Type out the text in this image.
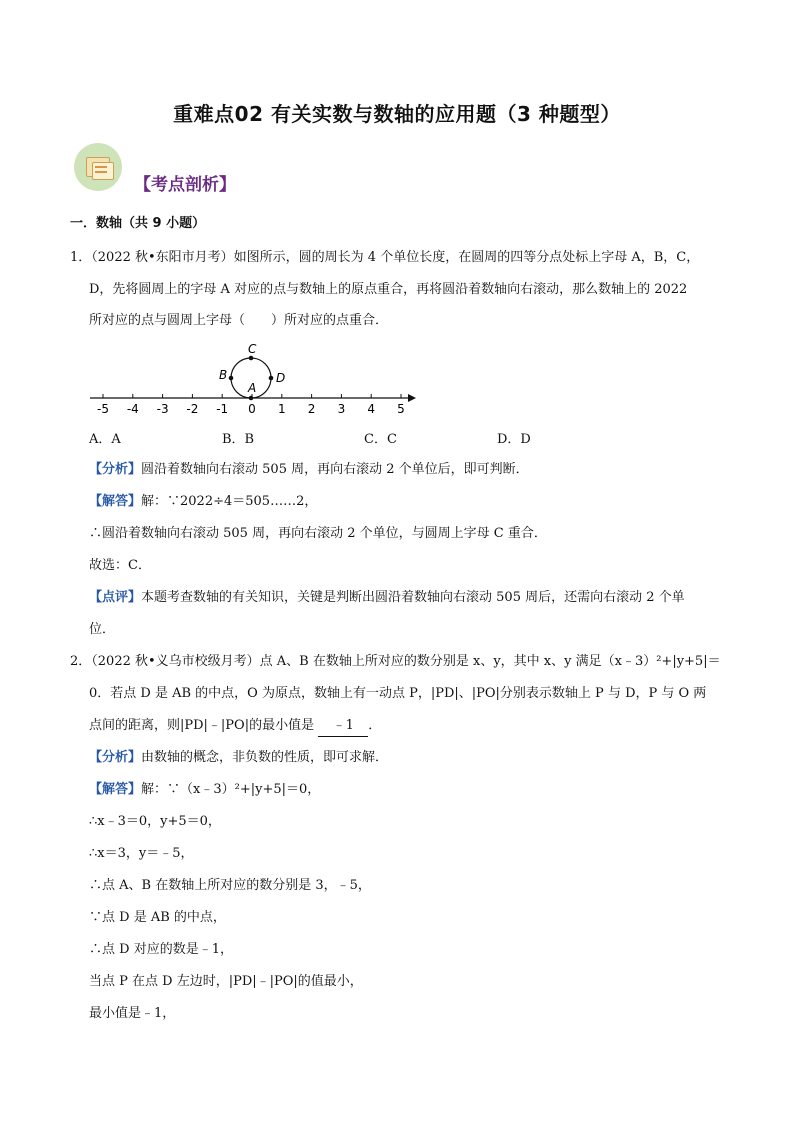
重难点02 有关实数与数轴的应用题（3 种题型）
【考点剖析】
一．数轴（共 9 小题）
1．（2022 秋•东阳市月考）如图所示，圆的周长为 4 个单位长度，在圆周的四等分点处标上字母 A，B，C，
D，先将圆周上的字母 A 对应的点与数轴上的原点重合，再将圆沿着数轴向右滚动，那么数轴上的 2022
所对应的点与圆周上字母（　　）所对应的点重合．
-5 -4 -3 -2 -1 0 1 2 3 4 5
C
B	D
A
A．A	B．B	C．C	D．D
【分析】圆沿着数轴向右滚动 505 周，再向右滚动 2 个单位后，即可判断．
【解答】解：∵2022÷4＝505……2，
∴圆沿着数轴向右滚动 505 周，再向右滚动 2 个单位，与圆周上字母 C 重合．
故选：C．
【点评】本题考查数轴的有关知识，关键是判断出圆沿着数轴向右滚动 505 周后，还需向右滚动 2 个单
位．
2．（2022 秋•义乌市校级月考）点 A、B 在数轴上所对应的数分别是 x、y，其中 x、y 满足（x﹣3）²+|y+5|＝
0．若点 D 是 AB 的中点，O 为原点，数轴上有一动点 P，|PD|、|PO|分别表示数轴上 P 与 D，P 与 O 两
点间的距离，则|PD|﹣|PO|的最小值是 ﹣1 ．
【分析】由数轴的概念，非负数的性质，即可求解．
【解答】解：∵（x﹣3）²+|y+5|＝0，
∴x﹣3＝0，y+5＝0，
∴x＝3，y＝﹣5，
∴点 A、B 在数轴上所对应的数分别是 3，﹣5，
∵点 D 是 AB 的中点，
∴点 D 对应的数是﹣1，
当点 P 在点 D 左边时，|PD|﹣|PO|的值最小，
最小值是﹣1，
